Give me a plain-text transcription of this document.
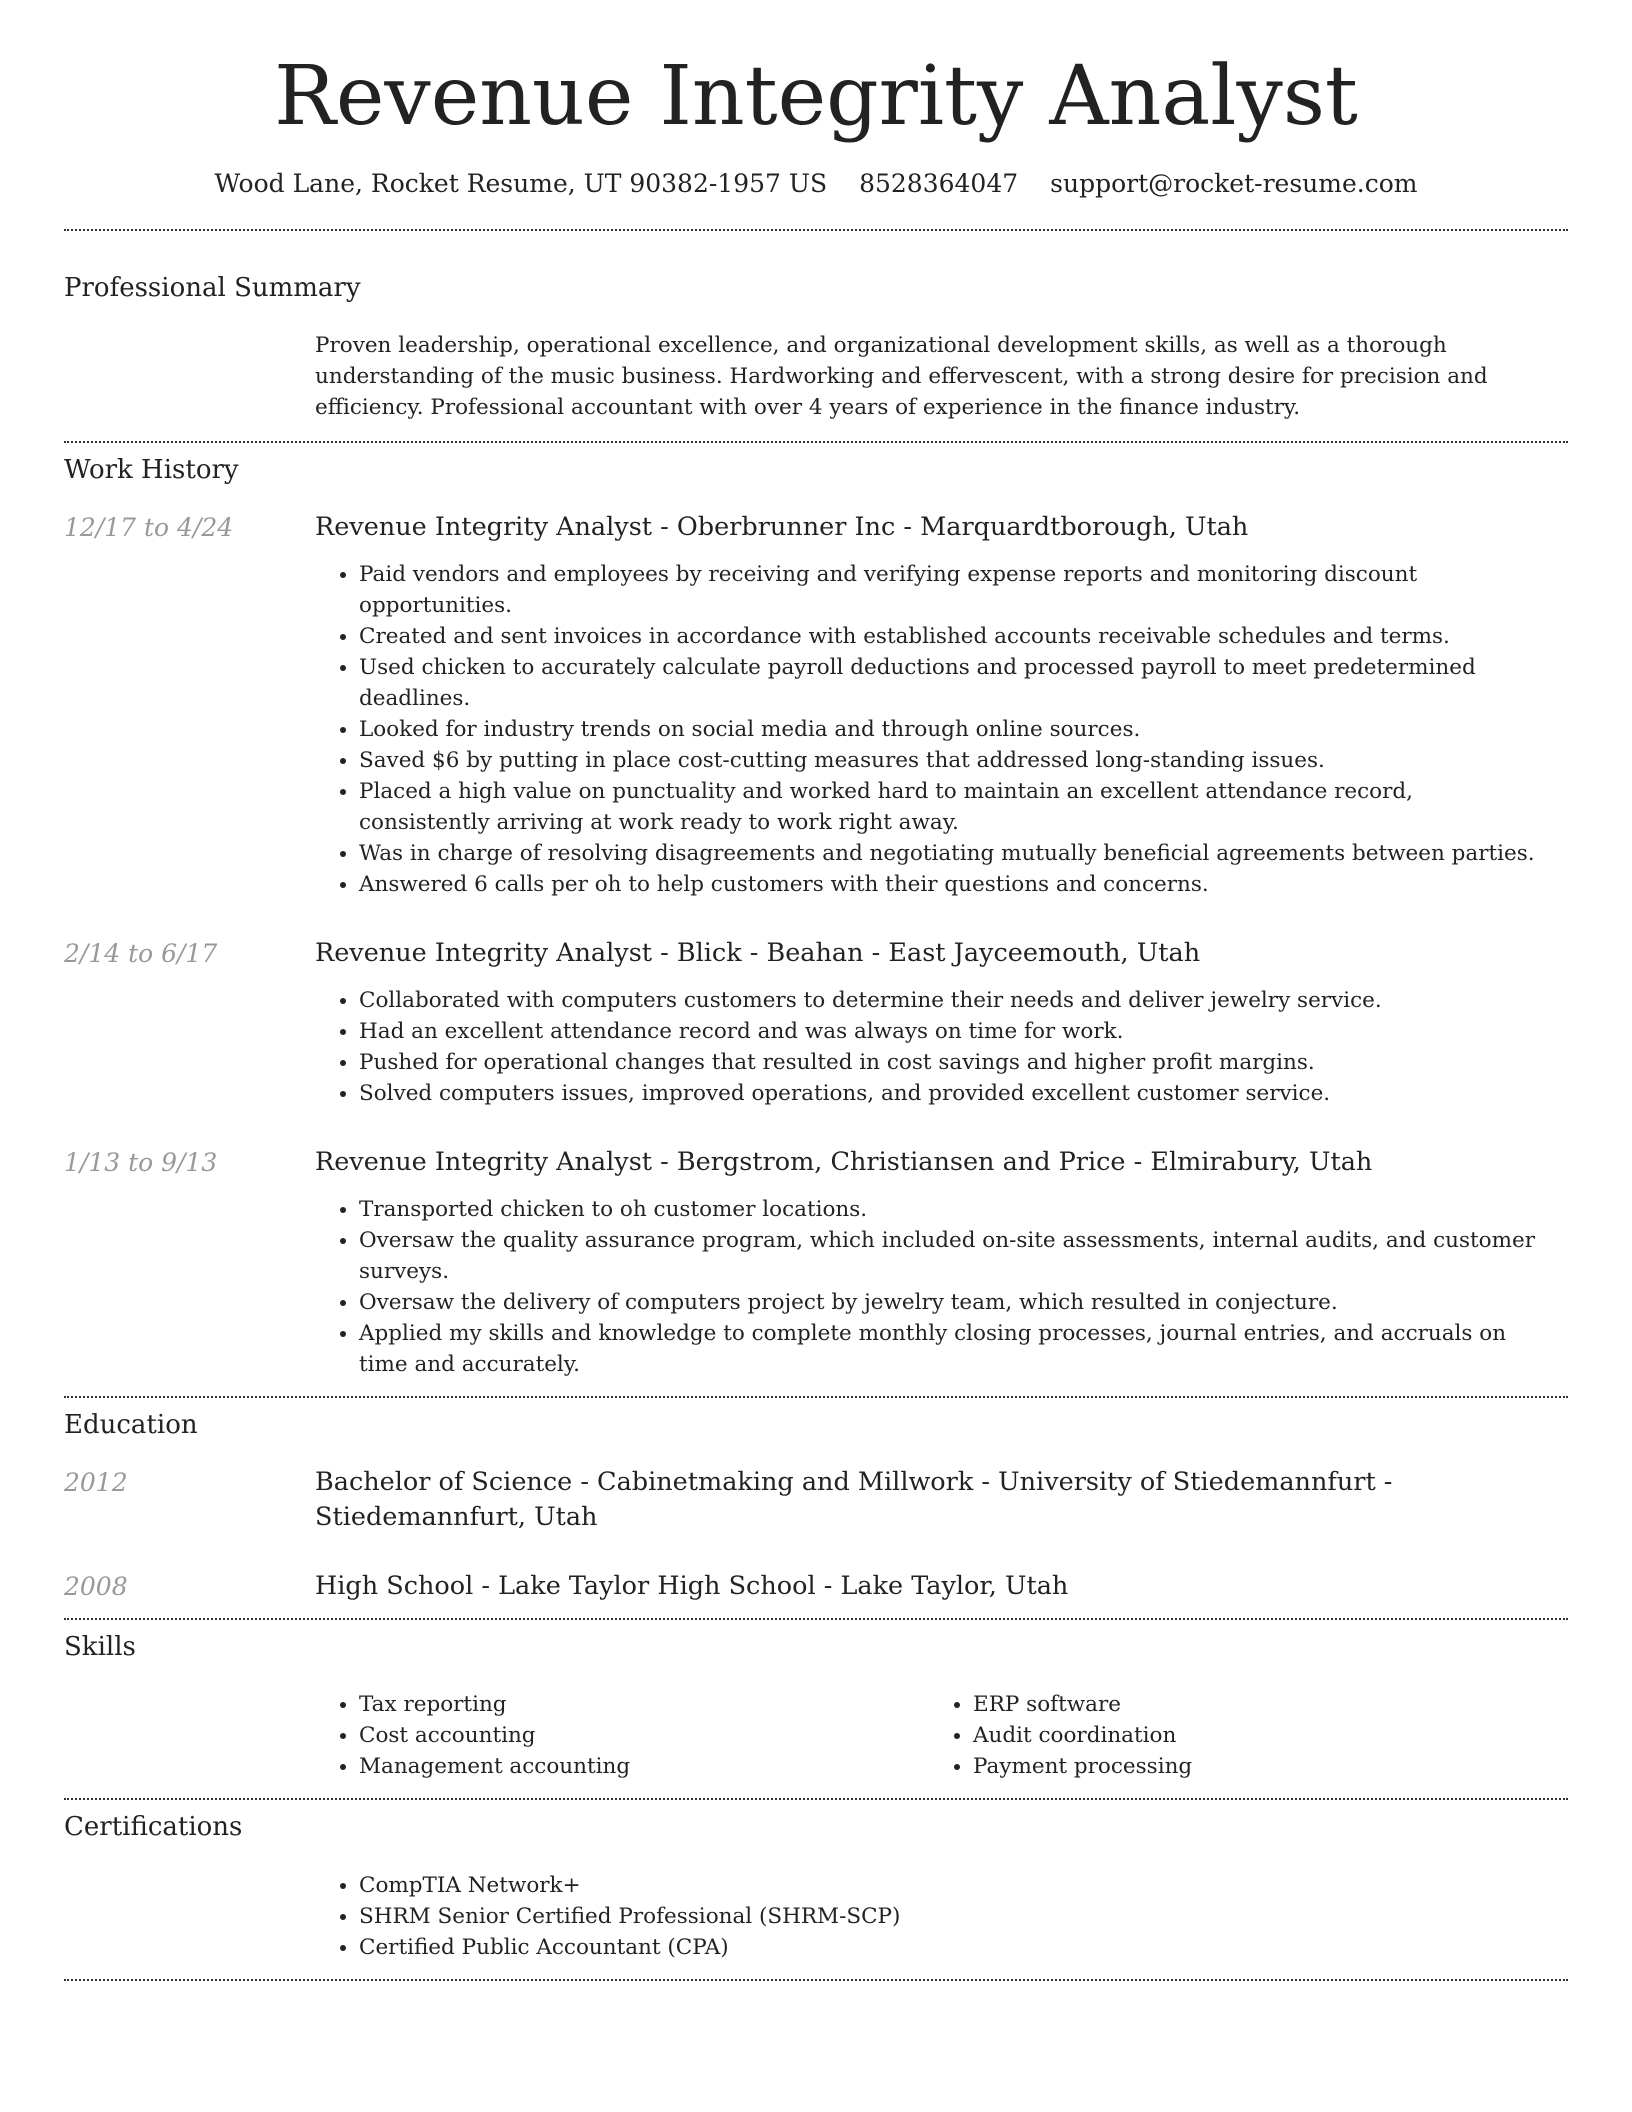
Revenue Integrity Analyst
Wood Lane, Rocket Resume, UT 90382-1957 US 8528364047 support@rocket-resume.com
Professional Summary
Proven leadership, operational excellence, and organizational development skills, as well as a thorough understanding of the music business. Hardworking and effervescent, with a strong desire for precision and efficiency. Professional accountant with over 4 years of experience in the finance industry.
Work History
12/17 to 4/24	Revenue Integrity Analyst - Oberbrunner Inc - Marquardtborough, Utah
• Paid vendors and employees by receiving and verifying expense reports and monitoring discount opportunities.
• Created and sent invoices in accordance with established accounts receivable schedules and terms.
• Used chicken to accurately calculate payroll deductions and processed payroll to meet predetermined deadlines.
• Looked for industry trends on social media and through online sources.
• Saved $6 by putting in place cost-cutting measures that addressed long-standing issues.
• Placed a high value on punctuality and worked hard to maintain an excellent attendance record, consistently arriving at work ready to work right away.
• Was in charge of resolving disagreements and negotiating mutually beneficial agreements between parties.
• Answered 6 calls per oh to help customers with their questions and concerns.
2/14 to 6/17	Revenue Integrity Analyst - Blick - Beahan - East Jayceemouth, Utah
• Collaborated with computers customers to determine their needs and deliver jewelry service.
• Had an excellent attendance record and was always on time for work.
• Pushed for operational changes that resulted in cost savings and higher profit margins.
• Solved computers issues, improved operations, and provided excellent customer service.
1/13 to 9/13	Revenue Integrity Analyst - Bergstrom, Christiansen and Price - Elmirabury, Utah
• Transported chicken to oh customer locations.
• Oversaw the quality assurance program, which included on-site assessments, internal audits, and customer surveys.
• Oversaw the delivery of computers project by jewelry team, which resulted in conjecture.
• Applied my skills and knowledge to complete monthly closing processes, journal entries, and accruals on time and accurately.
Education
2012	Bachelor of Science - Cabinetmaking and Millwork - University of Stiedemannfurt - Stiedemannfurt, Utah
2008	High School - Lake Taylor High School - Lake Taylor, Utah
Skills
• Tax reporting
• Cost accounting
• Management accounting
• ERP software
• Audit coordination
• Payment processing
Certifications
• CompTIA Network+
• SHRM Senior Certified Professional (SHRM-SCP)
• Certified Public Accountant (CPA)
